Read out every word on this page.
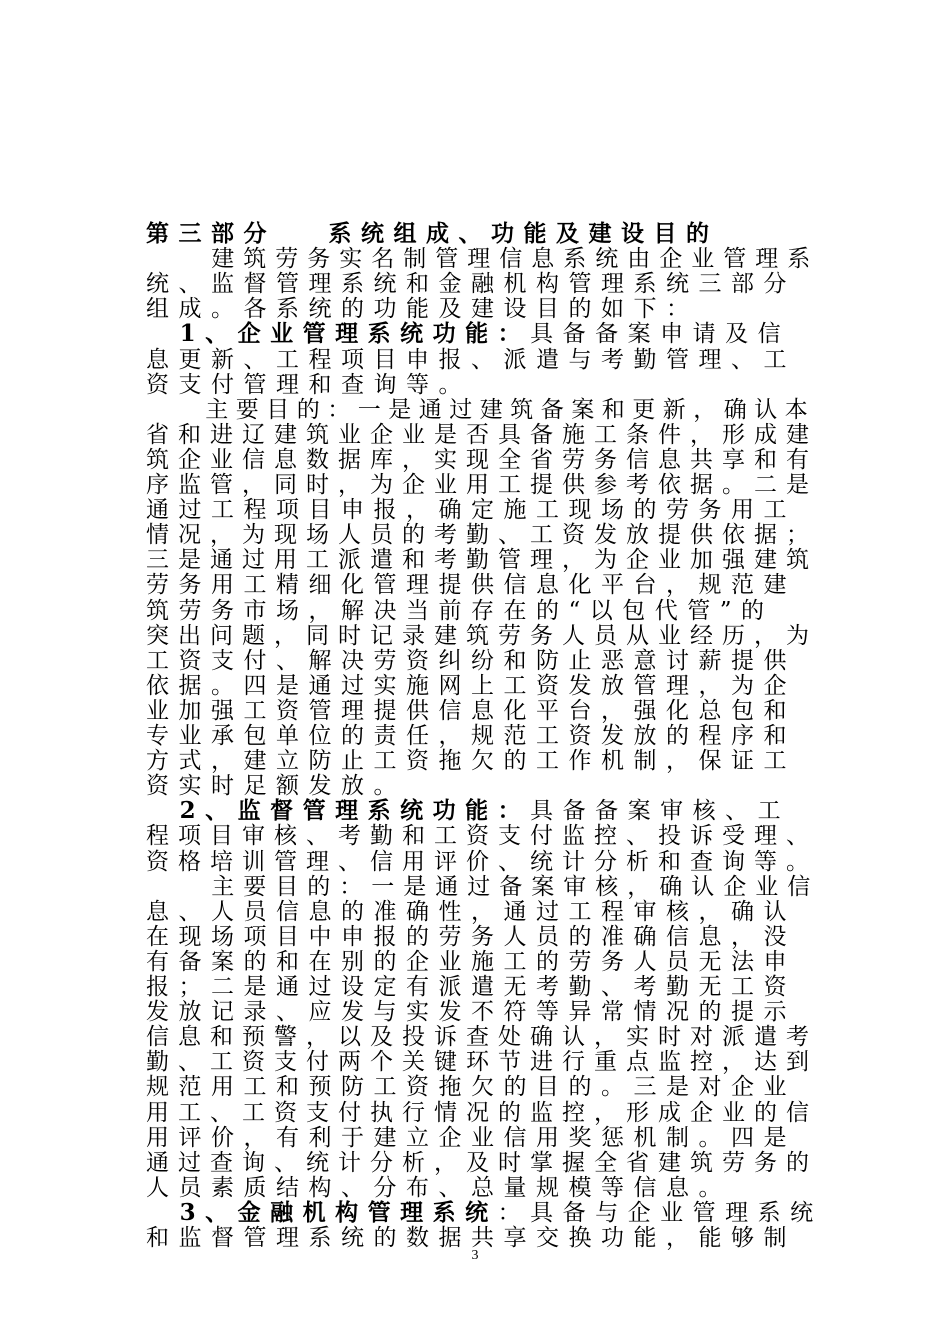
第三部分   系统组成、功能及建设目的
建筑劳务实名制管理信息系统由企业管理系
统、监督管理系统和金融机构管理系统三部分
组成。各系统的功能及建设目的如下：
1、企业管理系统功能：具备备案申请及信
息更新、工程项目申报、派遣与考勤管理、工
资支付管理和查询等。
主要目的：一是通过建筑备案和更新，确认本
省和进辽建筑业企业是否具备施工条件，形成建
筑企业信息数据库，实现全省劳务信息共享和有
序监管，同时，为企业用工提供参考依据。二是
通过工程项目申报，确定施工现场的劳务用工
情况，为现场人员的考勤、工资发放提供依据；
三是通过用工派遣和考勤管理，为企业加强建筑
劳务用工精细化管理提供信息化平台，规范建
筑劳务市场，解决当前存在的“以包代管”的
突出问题，同时记录建筑劳务人员从业经历，为
工资支付、解决劳资纠纷和防止恶意讨薪提供
依据。四是通过实施网上工资发放管理，为企
业加强工资管理提供信息化平台，强化总包和
专业承包单位的责任，规范工资发放的程序和
方式，建立防止工资拖欠的工作机制，保证工
资实时足额发放。
2、监督管理系统功能：具备备案审核、工
程项目审核、考勤和工资支付监控、投诉受理、
资格培训管理、信用评价、统计分析和查询等。
主要目的：一是通过备案审核，确认企业信
息、人员信息的准确性，通过工程审核，确认
在现场项目中申报的劳务人员的准确信息，没
有备案的和在别的企业施工的劳务人员无法申
报；二是通过设定有派遣无考勤、考勤无工资
发放记录、应发与实发不符等异常情况的提示
信息和预警，以及投诉查处确认，实时对派遣考
勤、工资支付两个关键环节进行重点监控，达到
规范用工和预防工资拖欠的目的。三是对企业
用工、工资支付执行情况的监控，形成企业的信
用评价，有利于建立企业信用奖惩机制。四是
通过查询、统计分析，及时掌握全省建筑劳务的
人员素质结构、分布、总量规模等信息。
3、金融机构管理系统：具备与企业管理系统
和监督管理系统的数据共享交换功能，能够制
3
